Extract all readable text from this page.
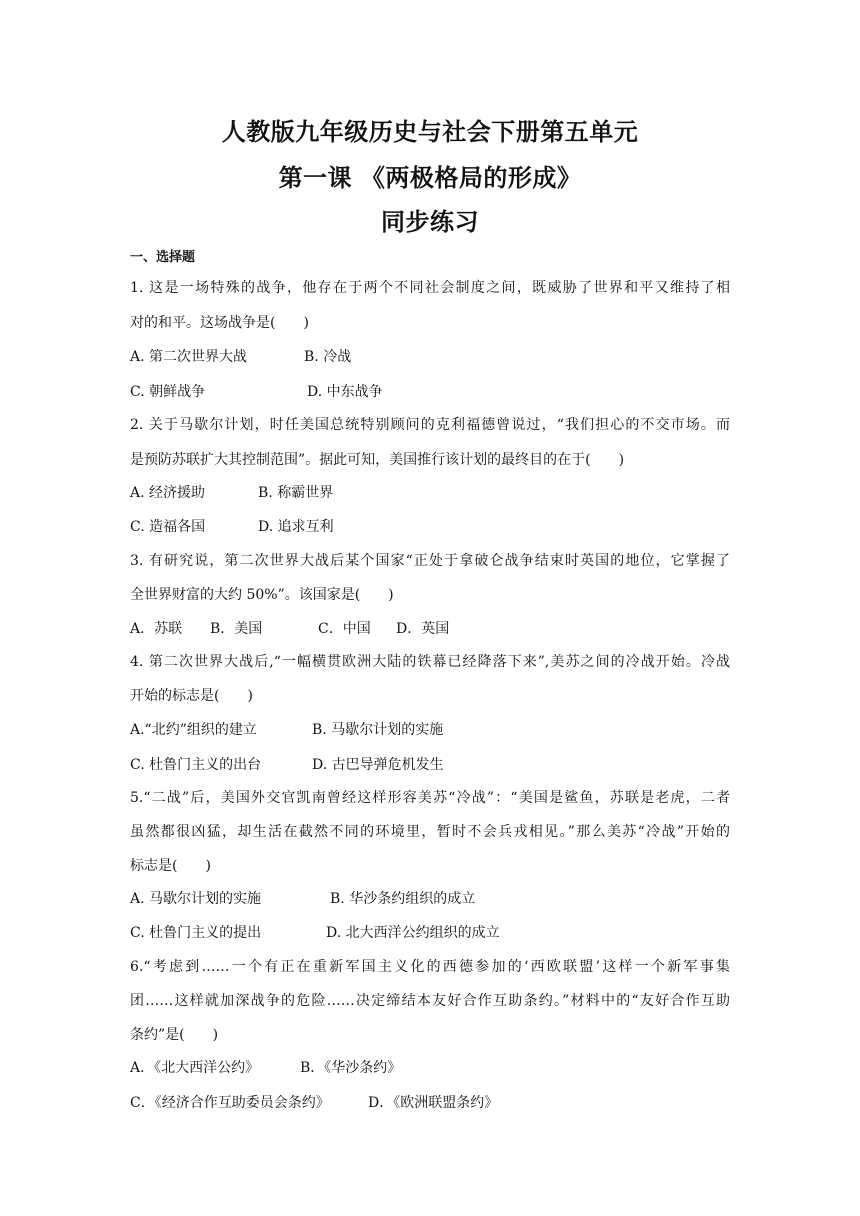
人教版九年级历史与社会下册第五单元
第一课 《两极格局的形成》
同步练习
一、选择题
1. 这是一场特殊的战争，他存在于两个不同社会制度之间，既威胁了世界和平又维持了相
对的和平。这场战争是(　　)
A. 第二次世界大战	B. 冷战
C. 朝鲜战争	D. 中东战争
2. 关于马歇尔计划，时任美国总统特别顾问的克利福德曾说过，“我们担心的不交市场。而
是预防苏联扩大其控制范围”。据此可知，美国推行该计划的最终目的在于(　　)
A. 经济援助	B. 称霸世界
C. 造福各国	D. 追求互利
3. 有研究说，第二次世界大战后某个国家“正处于拿破仑战争结束时英国的地位，它掌握了
全世界财富的大约 50%”。该国家是(　　)
A．苏联 B．美国	C．中国 D．英国
4. 第二次世界大战后,“一幅横贯欧洲大陆的铁幕已经降落下来”,美苏之间的冷战开始。冷战
开始的标志是(　　)
A.“北约”组织的建立	B. 马歇尔计划的实施
C. 杜鲁门主义的出台	D. 古巴导弹危机发生
5.“二战”后，美国外交官凯南曾经这样形容美苏“冷战”：“美国是鲨鱼，苏联是老虎，二者
虽然都很凶猛，却生活在截然不同的环境里，暂时不会兵戎相见。”那么美苏“冷战”开始的
标志是(　　)
A. 马歇尔计划的实施	B. 华沙条约组织的成立
C. 杜鲁门主义的提出	D. 北大西洋公约组织的成立
6.“考虑到……一个有正在重新军国主义化的西德参加的‘西欧联盟’这样一个新军事集
团……这样就加深战争的危险……决定缔结本友好合作互助条约。”材料中的“友好合作互助
条约”是(　　)
A．《北大西洋公约》	B．《华沙条约》
C．《经济合作互助委员会条约》	D．《欧洲联盟条约》
